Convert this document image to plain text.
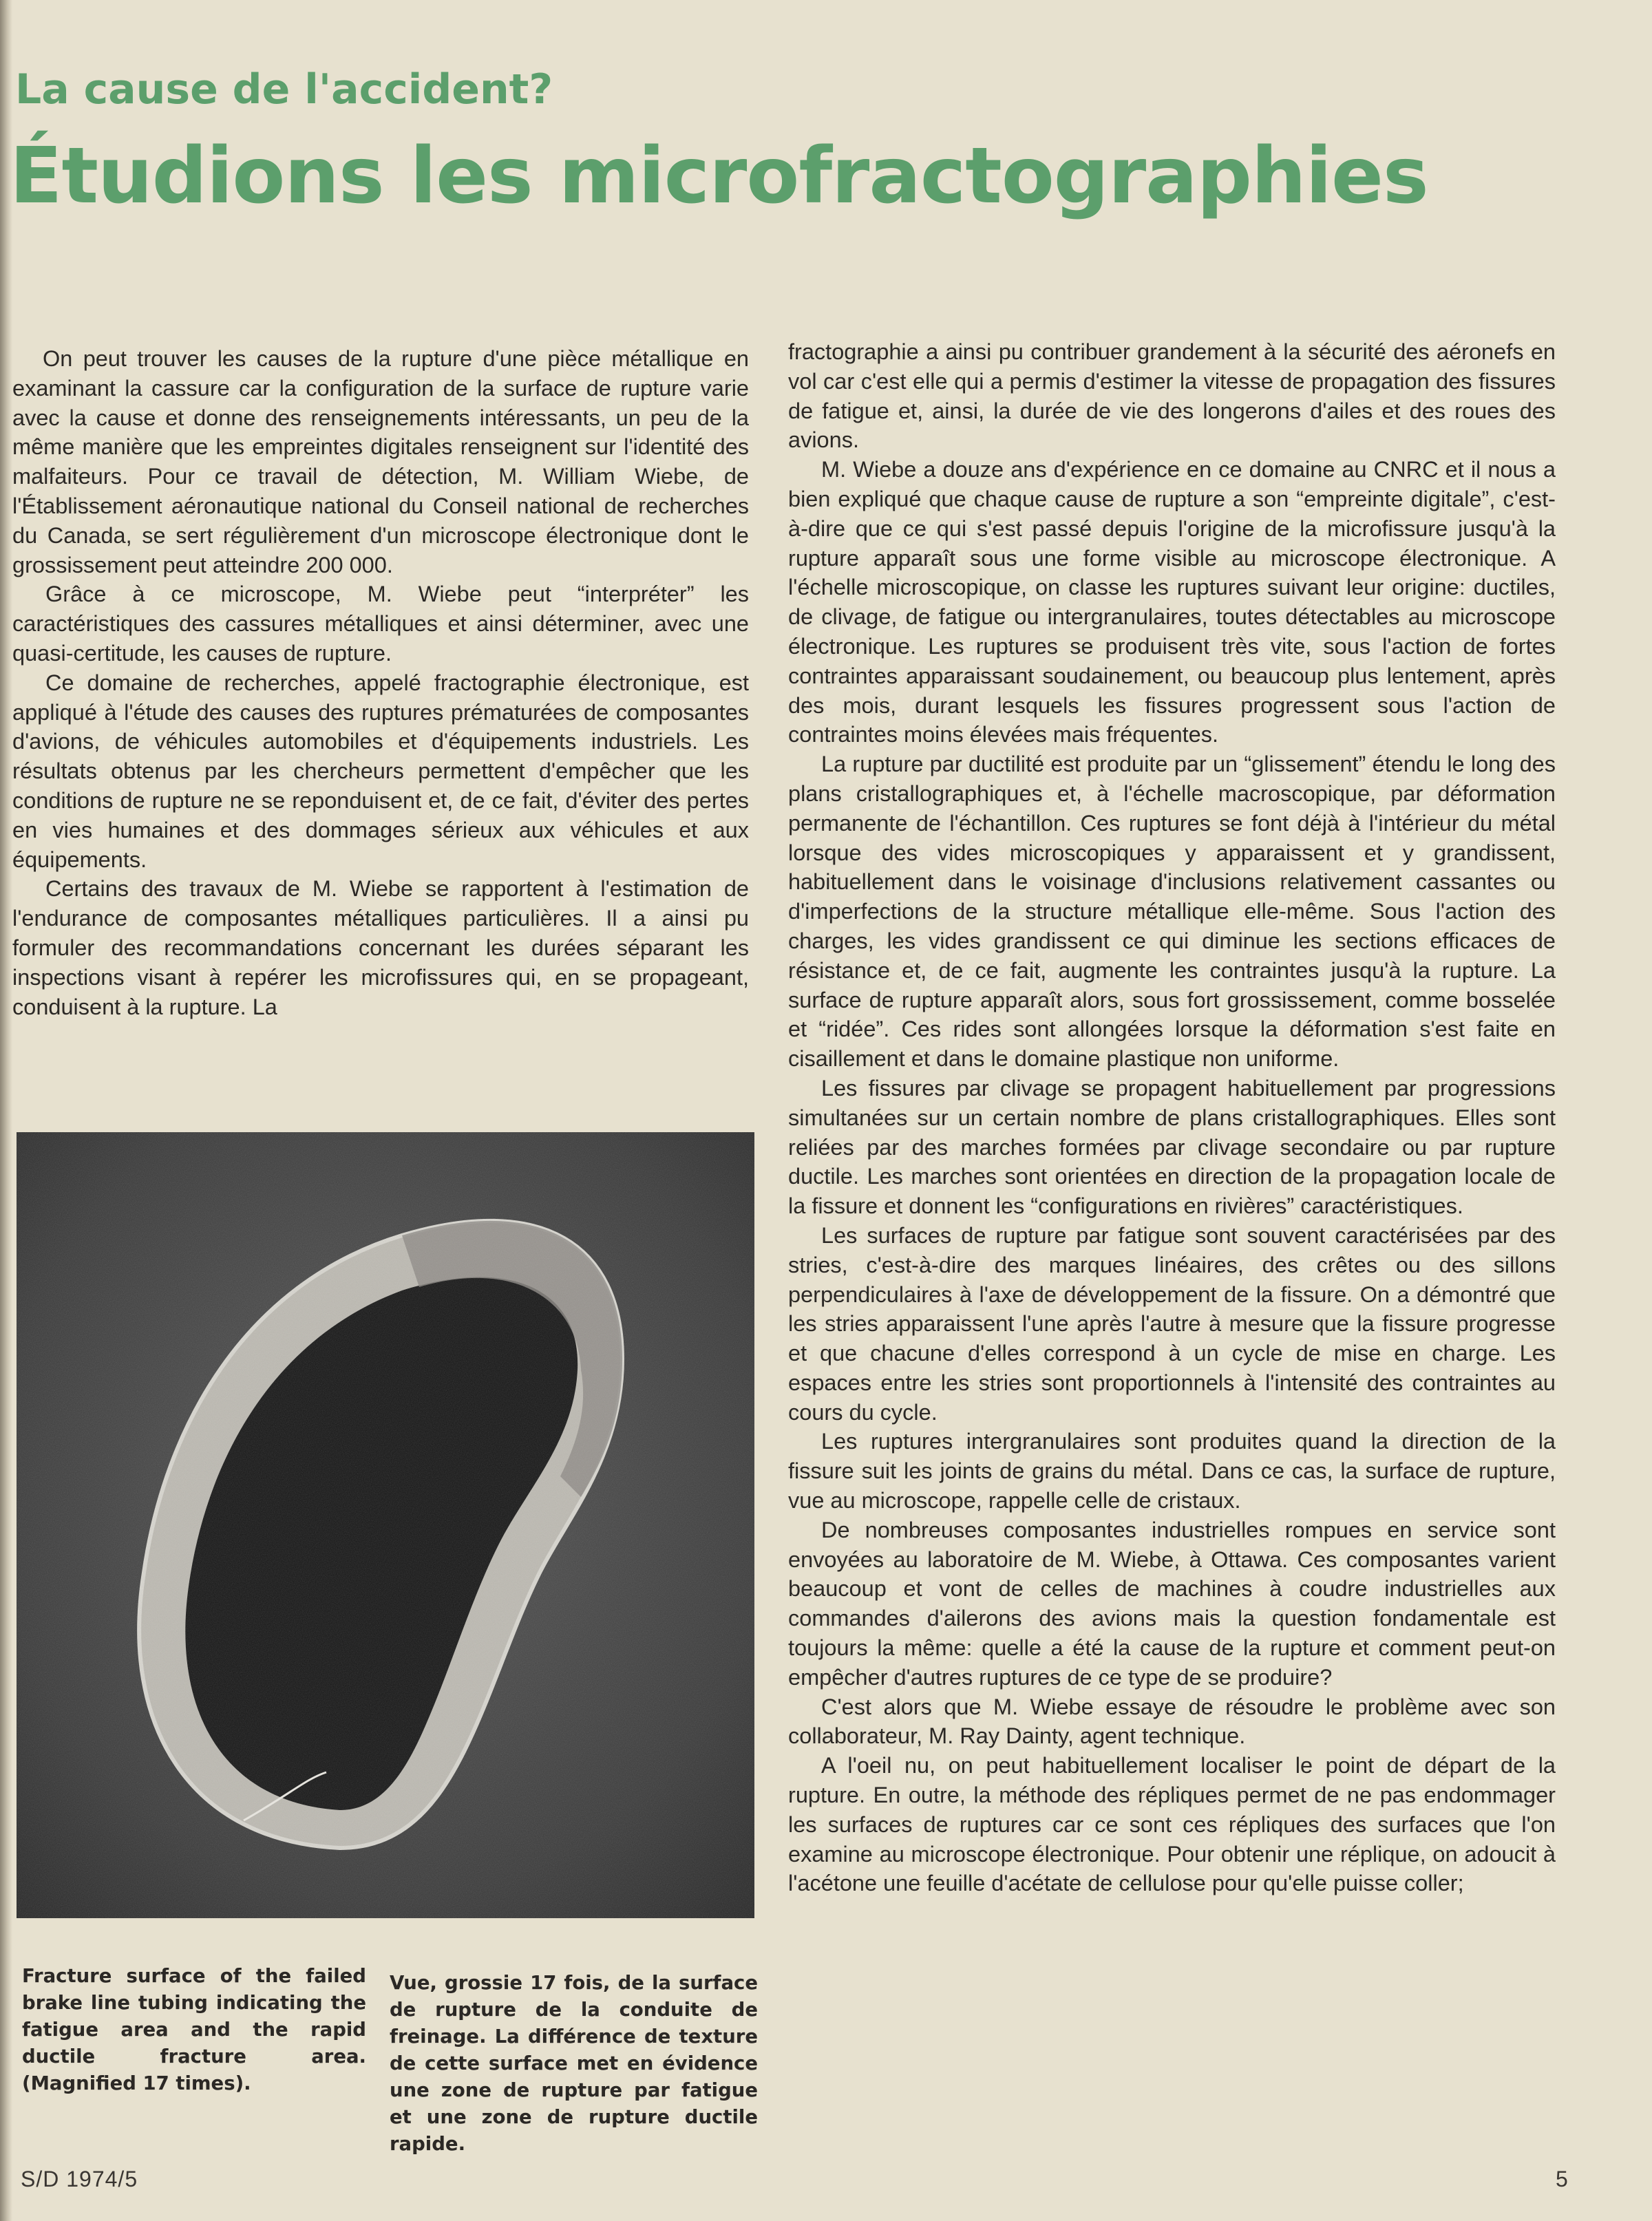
La cause de l'accident?
Étudions les microfractographies

On peut trouver les causes de la rupture d'une pièce métallique en examinant la cassure car la configuration de la surface de rupture varie avec la cause et donne des renseignements intéressants, un peu de la même manière que les empreintes digitales renseignent sur l'identité des malfaiteurs. Pour ce travail de détection, M. William Wiebe, de l'Établissement aéronautique national du Conseil national de recherches du Canada, se sert régulièrement d'un microscope électronique dont le grossissement peut atteindre 200 000.

Grâce à ce microscope, M. Wiebe peut “interpréter” les caractéristiques des cassures métalliques et ainsi déterminer, avec une quasi-certitude, les causes de rupture.

Ce domaine de recherches, appelé fractographie électronique, est appliqué à l'étude des causes des ruptures prématurées de composantes d'avions, de véhicules automobiles et d'équipements industriels. Les résultats obtenus par les chercheurs permettent d'empêcher que les conditions de rupture ne se reponduisent et, de ce fait, d'éviter des pertes en vies humaines et des dommages sérieux aux véhicules et aux équipements.

Certains des travaux de M. Wiebe se rapportent à l'estimation de l'endurance de composantes métalliques particulières. Il a ainsi pu formuler des recommandations concernant les durées séparant les inspections visant à repérer les microfissures qui, en se propageant, conduisent à la rupture. La

Fracture surface of the failed brake line tubing indicating the fatigue area and the rapid ductile fracture area. (Magnified 17 times).

Vue, grossie 17 fois, de la surface de rupture de la conduite de freinage. La différence de texture de cette surface met en évidence une zone de rupture par fatigue et une zone de rupture ductile rapide.

fractographie a ainsi pu contribuer grandement à la sécurité des aéronefs en vol car c'est elle qui a permis d'estimer la vitesse de propagation des fissures de fatigue et, ainsi, la durée de vie des longerons d'ailes et des roues des avions.

M. Wiebe a douze ans d'expérience en ce domaine au CNRC et il nous a bien expliqué que chaque cause de rupture a son “empreinte digitale”, c'est-à-dire que ce qui s'est passé depuis l'origine de la microfissure jusqu'à la rupture apparaît sous une forme visible au microscope électronique. A l'échelle microscopique, on classe les ruptures suivant leur origine: ductiles, de clivage, de fatigue ou intergranulaires, toutes détectables au microscope électronique. Les ruptures se produisent très vite, sous l'action de fortes contraintes apparaissant soudainement, ou beaucoup plus lentement, après des mois, durant lesquels les fissures progressent sous l'action de contraintes moins élevées mais fréquentes.

La rupture par ductilité est produite par un “glissement” étendu le long des plans cristallographiques et, à l'échelle macroscopique, par déformation permanente de l'échantillon. Ces ruptures se font déjà à l'intérieur du métal lorsque des vides microscopiques y apparaissent et y grandissent, habituellement dans le voisinage d'inclusions relativement cassantes ou d'imperfections de la structure métallique elle-même. Sous l'action des charges, les vides grandissent ce qui diminue les sections efficaces de résistance et, de ce fait, augmente les contraintes jusqu'à la rupture. La surface de rupture apparaît alors, sous fort grossissement, comme bosselée et “ridée”. Ces rides sont allongées lorsque la déformation s'est faite en cisaillement et dans le domaine plastique non uniforme.

Les fissures par clivage se propagent habituellement par progressions simultanées sur un certain nombre de plans cristallographiques. Elles sont reliées par des marches formées par clivage secondaire ou par rupture ductile. Les marches sont orientées en direction de la propagation locale de la fissure et donnent les “configurations en rivières” caractéristiques.

Les surfaces de rupture par fatigue sont souvent caractérisées par des stries, c'est-à-dire des marques linéaires, des crêtes ou des sillons perpendiculaires à l'axe de développement de la fissure. On a démontré que les stries apparaissent l'une après l'autre à mesure que la fissure progresse et que chacune d'elles correspond à un cycle de mise en charge. Les espaces entre les stries sont proportionnels à l'intensité des contraintes au cours du cycle.

Les ruptures intergranulaires sont produites quand la direction de la fissure suit les joints de grains du métal. Dans ce cas, la surface de rupture, vue au microscope, rappelle celle de cristaux.

De nombreuses composantes industrielles rompues en service sont envoyées au laboratoire de M. Wiebe, à Ottawa. Ces composantes varient beaucoup et vont de celles de machines à coudre industrielles aux commandes d'ailerons des avions mais la question fondamentale est toujours la même: quelle a été la cause de la rupture et comment peut-on empêcher d'autres ruptures de ce type de se produire?

C'est alors que M. Wiebe essaye de résoudre le problème avec son collaborateur, M. Ray Dainty, agent technique.

A l'oeil nu, on peut habituellement localiser le point de départ de la rupture. En outre, la méthode des répliques permet de ne pas endommager les surfaces de ruptures car ce sont ces répliques des surfaces que l'on examine au microscope électronique. Pour obtenir une réplique, on adoucit à l'acétone une feuille d'acétate de cellulose pour qu'elle puisse coller;

S/D 1974/5	5
